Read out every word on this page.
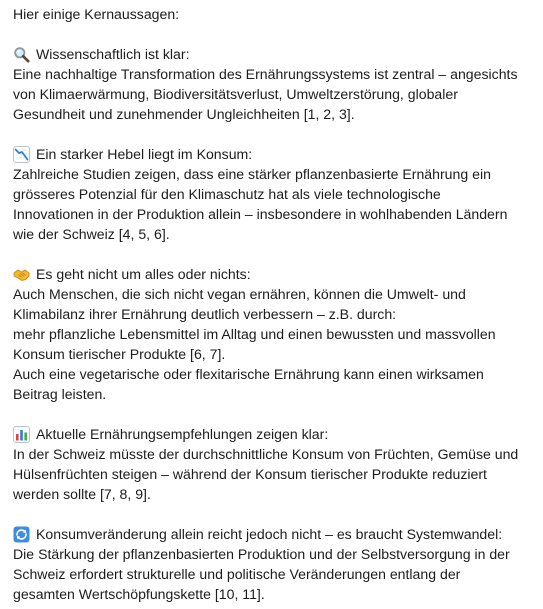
Hier einige Kernaussagen:
Wissenschaftlich ist klar:
Eine nachhaltige Transformation des Ernährungssystems ist zentral – angesichts
von Klimaerwärmung, Biodiversitätsverlust, Umweltzerstörung, globaler
Gesundheit und zunehmender Ungleichheiten [1, 2, 3].
Ein starker Hebel liegt im Konsum:
Zahlreiche Studien zeigen, dass eine stärker pflanzenbasierte Ernährung ein
grösseres Potenzial für den Klimaschutz hat als viele technologische
Innovationen in der Produktion allein – insbesondere in wohlhabenden Ländern
wie der Schweiz [4, 5, 6].
Es geht nicht um alles oder nichts:
Auch Menschen, die sich nicht vegan ernähren, können die Umwelt- und
Klimabilanz ihrer Ernährung deutlich verbessern – z.B. durch:
mehr pflanzliche Lebensmittel im Alltag und einen bewussten und massvollen
Konsum tierischer Produkte [6, 7].
Auch eine vegetarische oder flexitarische Ernährung kann einen wirksamen
Beitrag leisten.
Aktuelle Ernährungsempfehlungen zeigen klar:
In der Schweiz müsste der durchschnittliche Konsum von Früchten, Gemüse und
Hülsenfrüchten steigen – während der Konsum tierischer Produkte reduziert
werden sollte [7, 8, 9].
Konsumveränderung allein reicht jedoch nicht – es braucht Systemwandel:
Die Stärkung der pflanzenbasierten Produktion und der Selbstversorgung in der
Schweiz erfordert strukturelle und politische Veränderungen entlang der
gesamten Wertschöpfungskette [10, 11].
